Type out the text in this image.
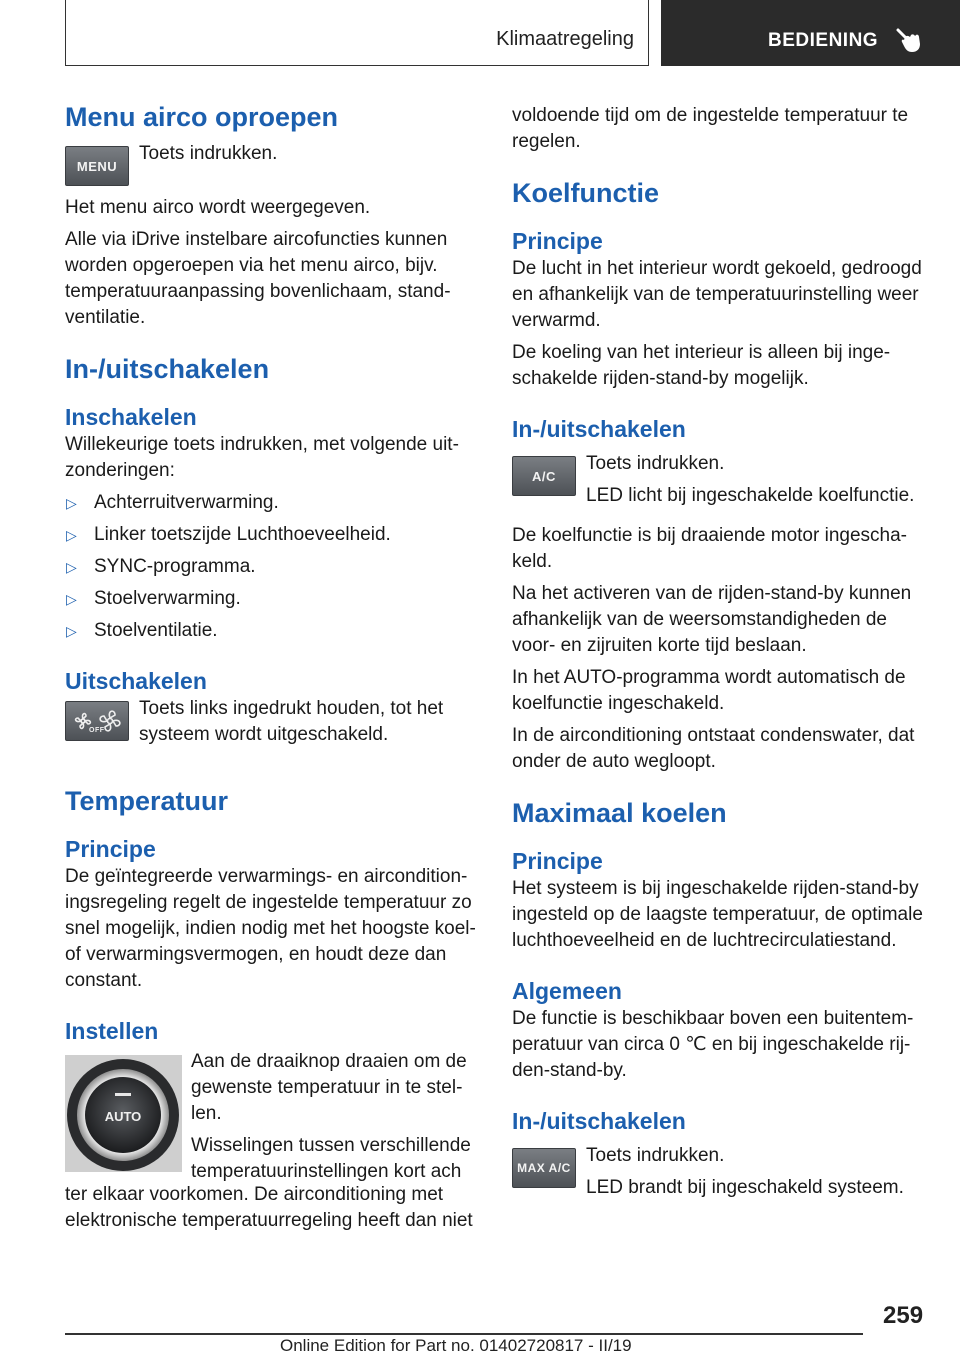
Klimaatregeling	BEDIENING
Menu airco oproepen
MENU

Toets indrukken.

Het menu airco wordt weergegeven.

Alle via iDrive instelbare aircofuncties kunnen worden opgeroepen via het menu airco, bijv. temperatuuraanpassing bovenlichaam, standventilatie.

In-/uitschakelen
Inschakelen

Willekeurige toets indrukken, met volgende uitzonderingen:

▷ Achterruitverwarming.
▷ Linker toetszijde Luchthoeveelheid.
▷ SYNC-programma.
▷ Stoelverwarming.
▷ Stoelventilatie.
Uitschakelen
OFF

Toets links ingedrukt houden, tot het systeem wordt uitgeschakeld.

Temperatuur
Principe

De geïntegreerde verwarmings- en airconditioningsregeling regelt de ingestelde temperatuur zo snel mogelijk, indien nodig met het hoogste koel- of verwarmingsvermogen, en houdt deze dan constant.

Instellen
AUTO

Aan de draaiknop draaien om de gewenste temperatuur in te stellen.

Wisselingen tussen verschillende temperatuurinstellingen kort ach

ter elkaar voorkomen. De airconditioning met elektronische temperatuurregeling heeft dan niet

voldoende tijd om de ingestelde temperatuur te regelen.

Koelfunctie
Principe

De lucht in het interieur wordt gekoeld, gedroogd en afhankelijk van de temperatuurinstelling weer verwarmd.

De koeling van het interieur is alleen bij ingeschakelde rijden-stand-by mogelijk.

In-/uitschakelen
A/C

Toets indrukken.

LED licht bij ingeschakelde koelfunctie.

De koelfunctie is bij draaiende motor ingeschakeld.

Na het activeren van de rijden-stand-by kunnen afhankelijk van de weersomstandigheden de voor- en zijruiten korte tijd beslaan.

In het AUTO-programma wordt automatisch de koelfunctie ingeschakeld.

In de airconditioning ontstaat condenswater, dat onder de auto wegloopt.

Maximaal koelen
Principe

Het systeem is bij ingeschakelde rijden-stand-by ingesteld op de laagste temperatuur, de optimale luchthoeveelheid en de luchtrecirculatiestand.

Algemeen

De functie is beschikbaar boven een buitentemperatuur van circa 0 ℃ en bij ingeschakelde rijden-stand-by.

In-/uitschakelen
MAX A/C

Toets indrukken.

LED brandt bij ingeschakeld systeem.

259
Online Edition for Part no. 01402720817 - II/19
